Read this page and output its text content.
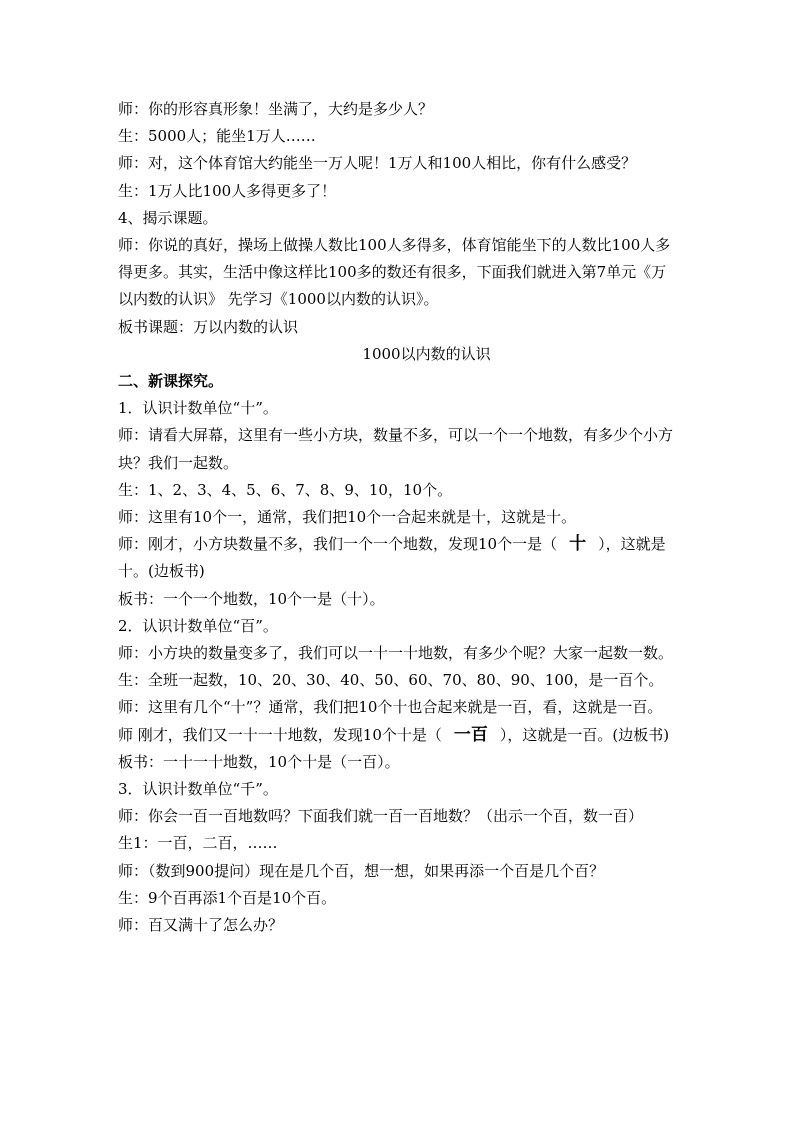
师：你的形容真形象！坐满了，大约是多少人？

生：5000人；能坐1万人……

师：对，这个体育馆大约能坐一万人呢！1万人和100人相比，你有什么感受？

生：1万人比100人多得更多了！

4、揭示课题。

师：你说的真好，操场上做操人数比100人多得多，体育馆能坐下的人数比100人多得更多。其实，生活中像这样比100多的数还有很多，下面我们就进入第7单元《万以内数的认识》 先学习《1000以内数的认识》。

板书课题：万以内数的认识

1000以内数的认识

二、新课探究。

1．认识计数单位“十”。

师：请看大屏幕，这里有一些小方块，数量不多，可以一个一个地数，有多少个小方块？我们一起数。

生：1、2、3、4、5、6、7、8、9、10，10个。

师：这里有10个一，通常，我们把10个一合起来就是十，这就是十。

师：刚才，小方块数量不多，我们一个一个地数，发现10个一是（ 十 ），这就是十。(边板书)

板书：一个一个地数，10个一是（十）。

2．认识计数单位“百”。

师：小方块的数量变多了，我们可以一十一十地数，有多少个呢？大家一起数一数。

生：全班一起数，10、20、30、40、50、60、70、80、90、100，是一百个。

师：这里有几个“十”？通常，我们把10个十也合起来就是一百，看，这就是一百。

师 刚才，我们又一十一十地数，发现10个十是（ 一百 ），这就是一百。(边板书)

板书：一十一十地数，10个十是（一百）。

3．认识计数单位“千”。

师：你会一百一百地数吗？下面我们就一百一百地数？（出示一个百，数一百）

生1：一百，二百，……

师：（数到900提问）现在是几个百，想一想，如果再添一个百是几个百？

生：9个百再添1个百是10个百。

师：百又满十了怎么办？
